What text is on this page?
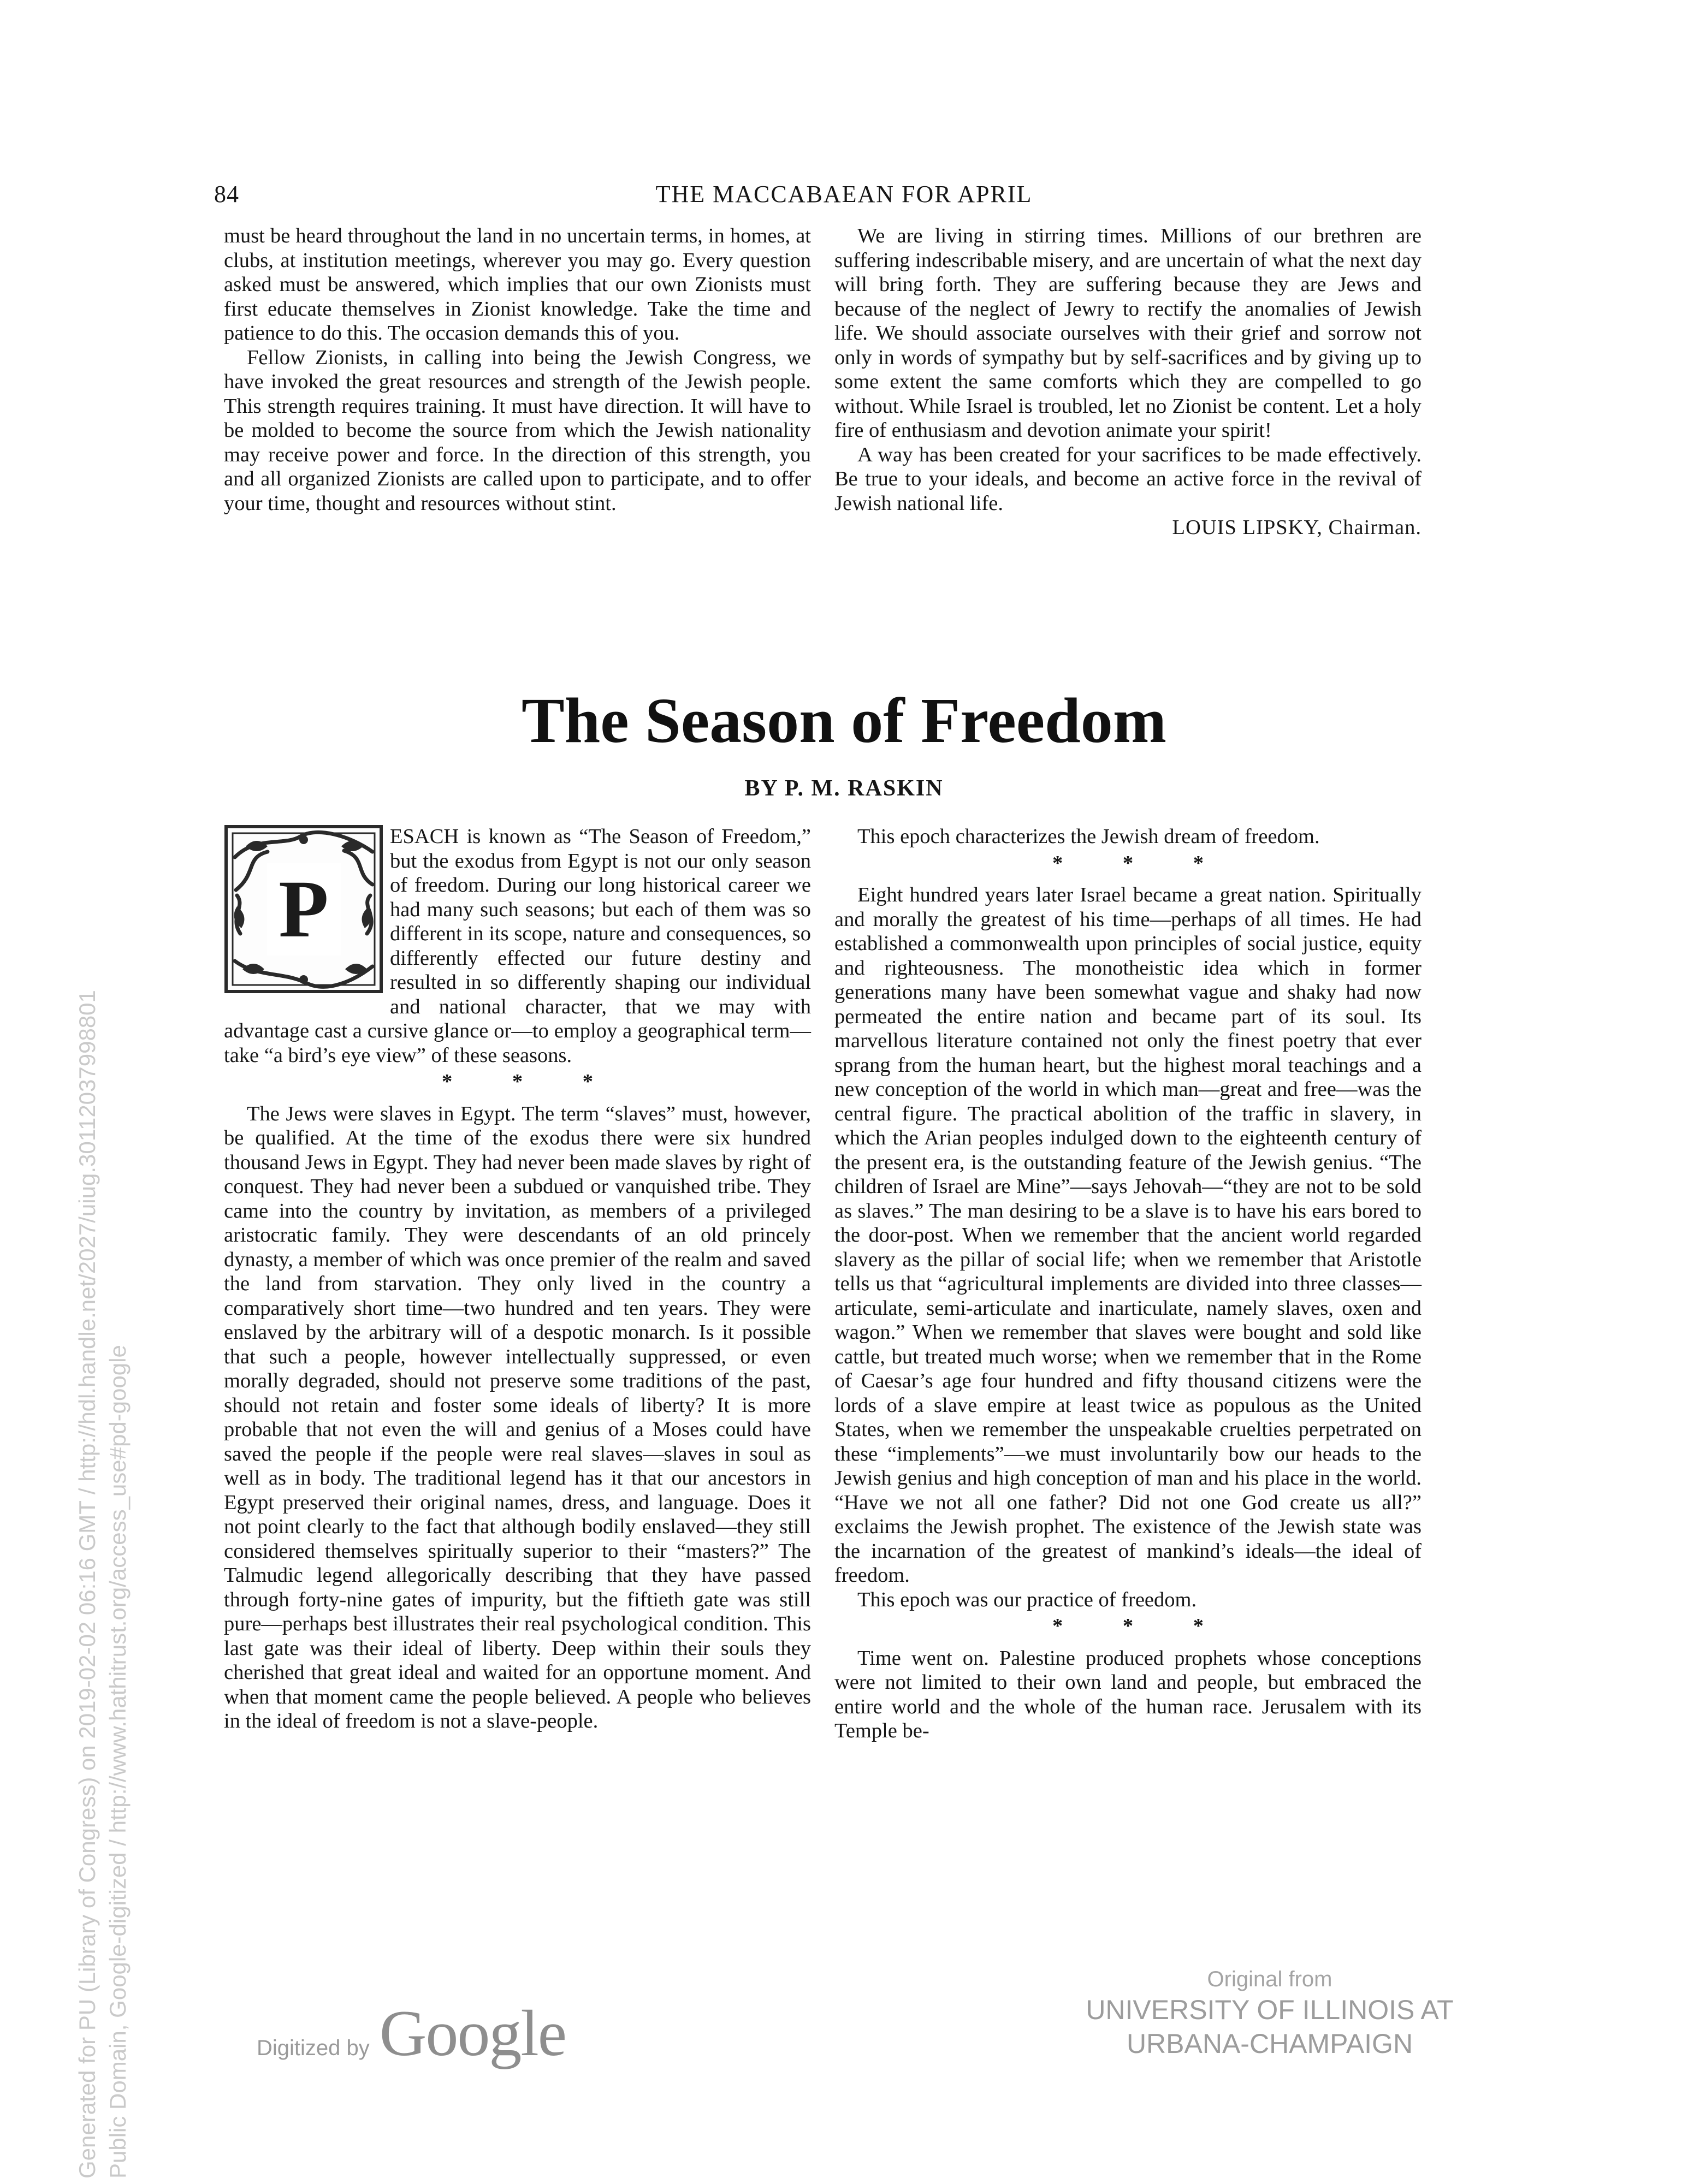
84	THE MACCABAEAN FOR APRIL

must be heard throughout the land in no uncertain terms, in homes, at clubs, at institution meetings, wherever you may go. Every question asked must be answered, which implies that our own Zionists must first educate themselves in Zionist knowledge. Take the time and patience to do this. The occasion demands this of you.

Fellow Zionists, in calling into being the Jewish Congress, we have invoked the great resources and strength of the Jewish people. This strength requires training. It must have direction. It will have to be molded to become the source from which the Jewish nationality may receive power and force. In the direction of this strength, you and all organized Zionists are called upon to participate, and to offer your time, thought and resources without stint.

We are living in stirring times. Millions of our brethren are suffering indescribable misery, and are uncertain of what the next day will bring forth. They are suffering because they are Jews and because of the neglect of Jewry to rectify the anomalies of Jewish life. We should associate ourselves with their grief and sorrow not only in words of sympathy but by self-sacrifices and by giving up to some extent the same comforts which they are compelled to go without. While Israel is troubled, let no Zionist be content. Let a holy fire of enthusiasm and devotion animate your spirit!

A way has been created for your sacrifices to be made effectively. Be true to your ideals, and become an active force in the revival of Jewish national life.

LOUIS LIPSKY, Chairman.

The Season of Freedom
BY P. M. RASKIN

P
ESACH is known as “The Season of Freedom,” but the exodus from Egypt is not our only season of freedom. During our long historical career we had many such seasons; but each of them was so different in its scope, nature and consequences, so differently effected our future destiny and resulted in so differently shaping our individual and national character, that we may with advantage cast a cursive glance or—to employ a geographical term—take “a bird’s eye view” of these seasons.

* * *

The Jews were slaves in Egypt. The term “slaves” must, however, be qualified. At the time of the exodus there were six hundred thousand Jews in Egypt. They had never been made slaves by right of conquest. They had never been a subdued or vanquished tribe. They came into the country by invitation, as members of a privileged aristocratic family. They were descendants of an old princely dynasty, a member of which was once premier of the realm and saved the land from starvation. They only lived in the country a comparatively short time—two hundred and ten years. They were enslaved by the arbitrary will of a despotic monarch. Is it possible that such a people, however intellectually suppressed, or even morally degraded, should not preserve some traditions of the past, should not retain and foster some ideals of liberty? It is more probable that not even the will and genius of a Moses could have saved the people if the people were real slaves—slaves in soul as well as in body. The traditional legend has it that our ancestors in Egypt preserved their original names, dress, and language. Does it not point clearly to the fact that although bodily enslaved—they still considered themselves spiritually superior to their “masters?” The Talmudic legend allegorically describing that they have passed through forty-nine gates of impurity, but the fiftieth gate was still pure—perhaps best illustrates their real psychological condition. This last gate was their ideal of liberty. Deep within their souls they cherished that great ideal and waited for an opportune moment. And when that moment came the people believed. A people who believes in the ideal of freedom is not a slave-people.

This epoch characterizes the Jewish dream of freedom.

* * *

Eight hundred years later Israel became a great nation. Spiritually and morally the greatest of his time—perhaps of all times. He had established a commonwealth upon principles of social justice, equity and righteousness. The monotheistic idea which in former generations many have been somewhat vague and shaky had now permeated the entire nation and became part of its soul. Its marvellous literature contained not only the finest poetry that ever sprang from the human heart, but the highest moral teachings and a new conception of the world in which man—great and free—was the central figure. The practical abolition of the traffic in slavery, in which the Arian peoples indulged down to the eighteenth century of the present era, is the outstanding feature of the Jewish genius. “The children of Israel are Mine”—says Jehovah—“they are not to be sold as slaves.” The man desiring to be a slave is to have his ears bored to the door-post. When we remember that the ancient world regarded slavery as the pillar of social life; when we remember that Aristotle tells us that “agricultural implements are divided into three classes—articulate, semi-articulate and inarticulate, namely slaves, oxen and wagon.” When we remember that slaves were bought and sold like cattle, but treated much worse; when we remember that in the Rome of Caesar’s age four hundred and fifty thousand citizens were the lords of a slave empire at least twice as populous as the United States, when we remember the unspeakable cruelties perpetrated on these “implements”—we must involuntarily bow our heads to the Jewish genius and high conception of man and his place in the world. “Have we not all one father? Did not one God create us all?” exclaims the Jewish prophet. The existence of the Jewish state was the incarnation of the greatest of mankind’s ideals—the ideal of freedom.

This epoch was our practice of freedom.

* * *

Time went on. Palestine produced prophets whose conceptions were not limited to their own land and people, but embraced the entire world and the whole of the human race. Jerusalem with its Temple be-

Generated for PU (Library of Congress) on 2019-02-02 06:16 GMT / http://hdl.handle.net/2027/uiug.30112037998801 Public Domain, Google-digitized / http://www.hathitrust.org/access_use#pd-google	Digitized by Google
Original from
UNIVERSITY OF ILLINOIS AT
URBANA-CHAMPAIGN
